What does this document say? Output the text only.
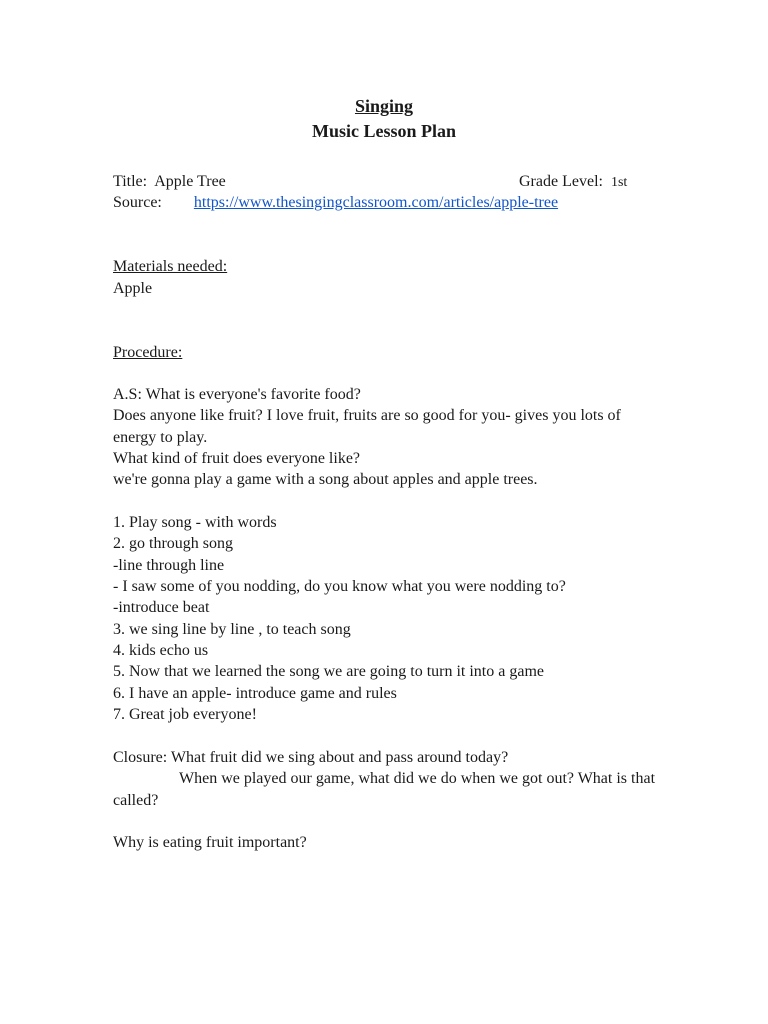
Singing
Music Lesson Plan
Title: Apple Tree	Grade Level: 1st
Source: https://www.thesingingclassroom.com/articles/apple-tree
Materials needed:
Apple
Procedure:
A.S: What is everyone's favorite food?
Does anyone like fruit? I love fruit, fruits are so good for you- gives you lots of energy to play.
What kind of fruit does everyone like?
we're gonna play a game with a song about apples and apple trees.
1. Play song - with words
2. go through song
-line through line
- I saw some of you nodding, do you know what you were nodding to?
-introduce beat
3. we sing line by line , to teach song
4. kids echo us
5. Now that we learned the song we are going to turn it into a game
6. I have an apple- introduce game and rules
7. Great job everyone!
Closure: What fruit did we sing about and pass around today?
When we played our game, what did we do when we got out? What is that called?
Why is eating fruit important?
